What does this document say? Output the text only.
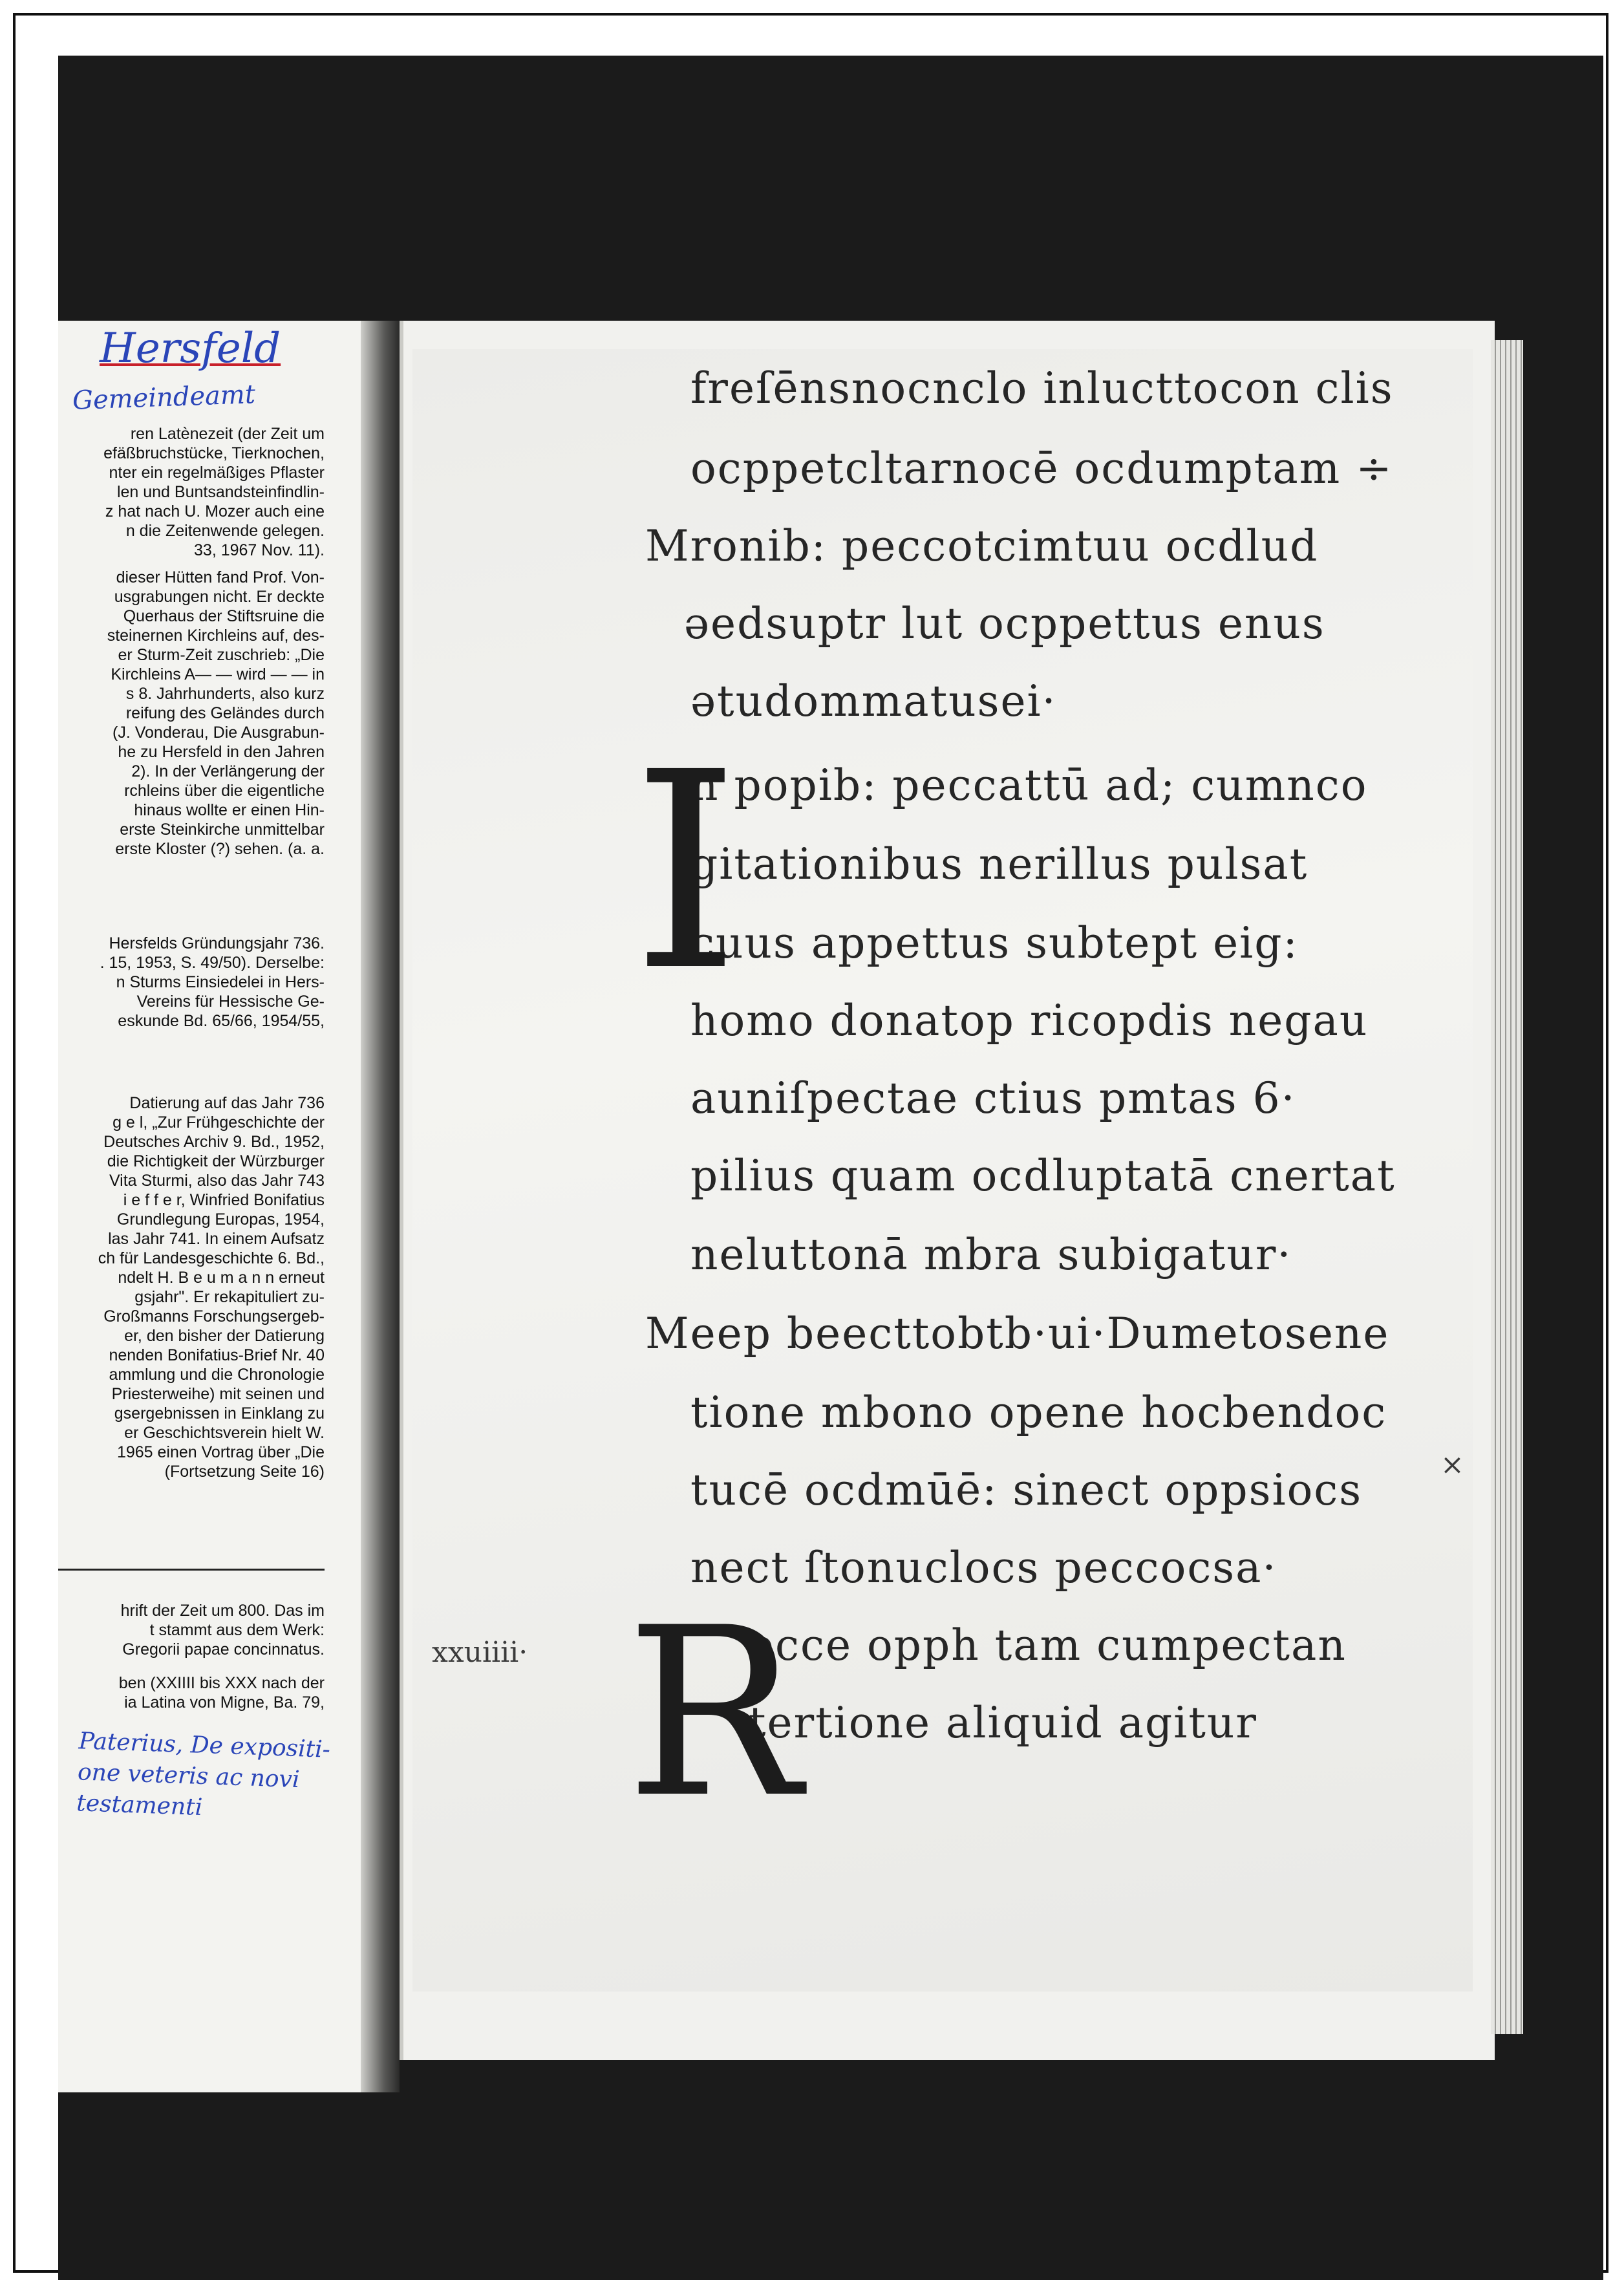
Hersfeld
Gemeindeamt
ren Latènezeit (der Zeit um
efäßbruchstücke, Tierknochen,
nter ein regelmäßiges Pflaster
len und Buntsandsteinfindlin-
z hat nach U. Mozer auch eine
n die Zeitenwende gelegen.
33, 1967 Nov. 11).
dieser Hütten fand Prof. Von-
usgrabungen nicht. Er deckte
Querhaus der Stiftsruine die
steinernen Kirchleins auf, des-
er Sturm-Zeit zuschrieb: „Die
Kirchleins A— — wird — — in
s 8. Jahrhunderts, also kurz
reifung des Geländes durch
(J. Vonderau, Die Ausgrabun-
he zu Hersfeld in den Jahren
2). In der Verlängerung der
rchleins über die eigentliche
hinaus wollte er einen Hin-
erste Steinkirche unmittelbar
erste Kloster (?) sehen. (a. a.
Hersfelds Gründungsjahr 736.
. 15, 1953, S. 49/50). Derselbe:
n Sturms Einsiedelei in Hers-
Vereins für Hessische Ge-
eskunde Bd. 65/66, 1954/55,
Datierung auf das Jahr 736
g e l, „Zur Frühgeschichte der
Deutsches Archiv 9. Bd., 1952,
die Richtigkeit der Würzburger
Vita Sturmi, also das Jahr 743
i e f f e r, Winfried Bonifatius
Grundlegung Europas, 1954,
las Jahr 741. In einem Aufsatz
ch für Landesgeschichte 6. Bd.,
ndelt H. B e u m a n n erneut
gsjahr". Er rekapituliert zu-
Großmanns Forschungsergeb-
er, den bisher der Datierung
nenden Bonifatius-Brief Nr. 40
ammlung und die Chronologie
Priesterweihe) mit seinen und
gsergebnissen in Einklang zu
er Geschichtsverein hielt W.
1965 einen Vortrag über „Die
(Fortsetzung Seite 16)
hrift der Zeit um 800. Das im
t stammt aus dem Werk:
Gregorii papae concinnatus.
ben (XXIIII bis XXX nach der
ia Latina von Migne, Ba. 79,
Paterius, De expositi-
one veteris ac novi
testamenti
freſēnsnocnclo inlucttocon clis
ocppetcltarnocē ocdumptam ÷
Mronib: peccotcimtuu ocdlud
ǝedsuptr lut ocppettus enus
ǝtudommatusei·
n popib: peccattū ad; cumnco
gitationibus nerillus pulsat
cuus appettus subtept eig:
homo donatop ricopdis negau
auniſpectae ctius pmtas 6·
pilius quam ocdluptatā cnertat
neluttonā mbra subigatur·
Meep beecttobtb·ui·Dumetosene
tione mbono opene hocbendoc
tucē ocdmūē: sinect oppsiocs
nect ſtonuclocs peccocsa·
ecce opph tam cumpectan
tertione aliquid agitur
I
R
xxuiiii·
×
